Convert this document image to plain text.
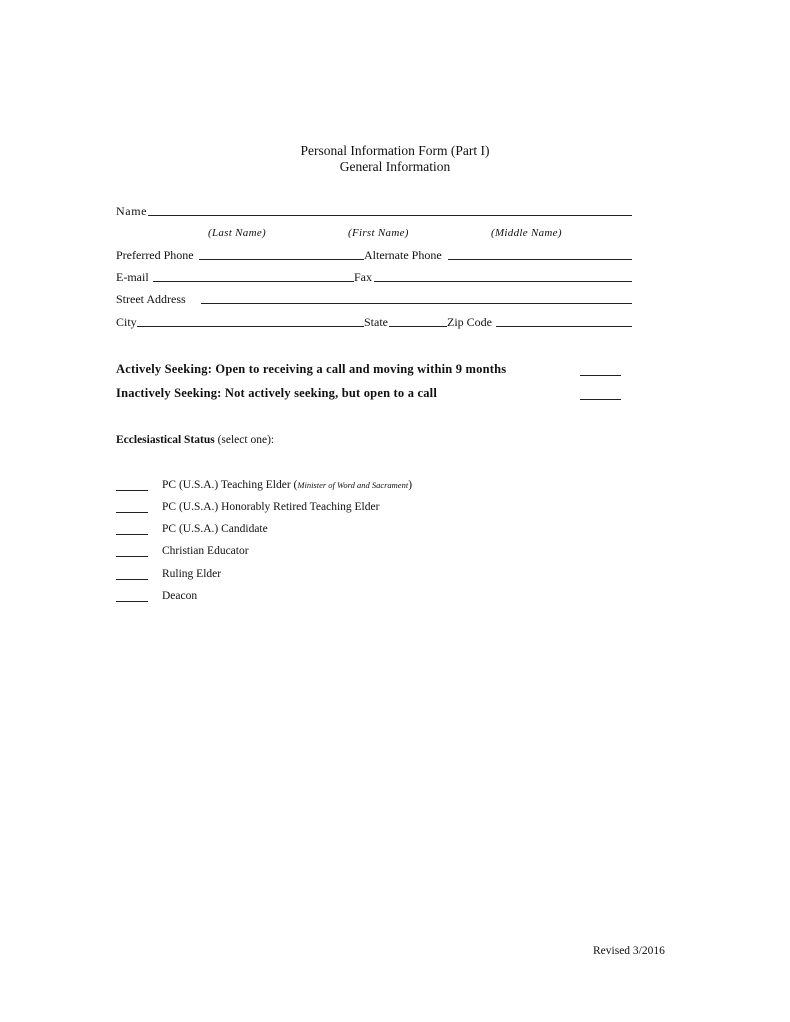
Personal Information Form (Part I)
General Information
Name
(Last Name)	(First Name)	(Middle Name)
Preferred Phone	Alternate Phone
E-mail	Fax
Street Address
City	State	Zip Code
Actively Seeking: Open to receiving a call and moving within 9 months
Inactively Seeking: Not actively seeking, but open to a call
Ecclesiastical Status (select one):
PC (U.S.A.) Teaching Elder (Minister of Word and Sacrament)
PC (U.S.A.) Honorably Retired Teaching Elder
PC (U.S.A.) Candidate
Christian Educator
Ruling Elder
Deacon
Revised 3/2016
